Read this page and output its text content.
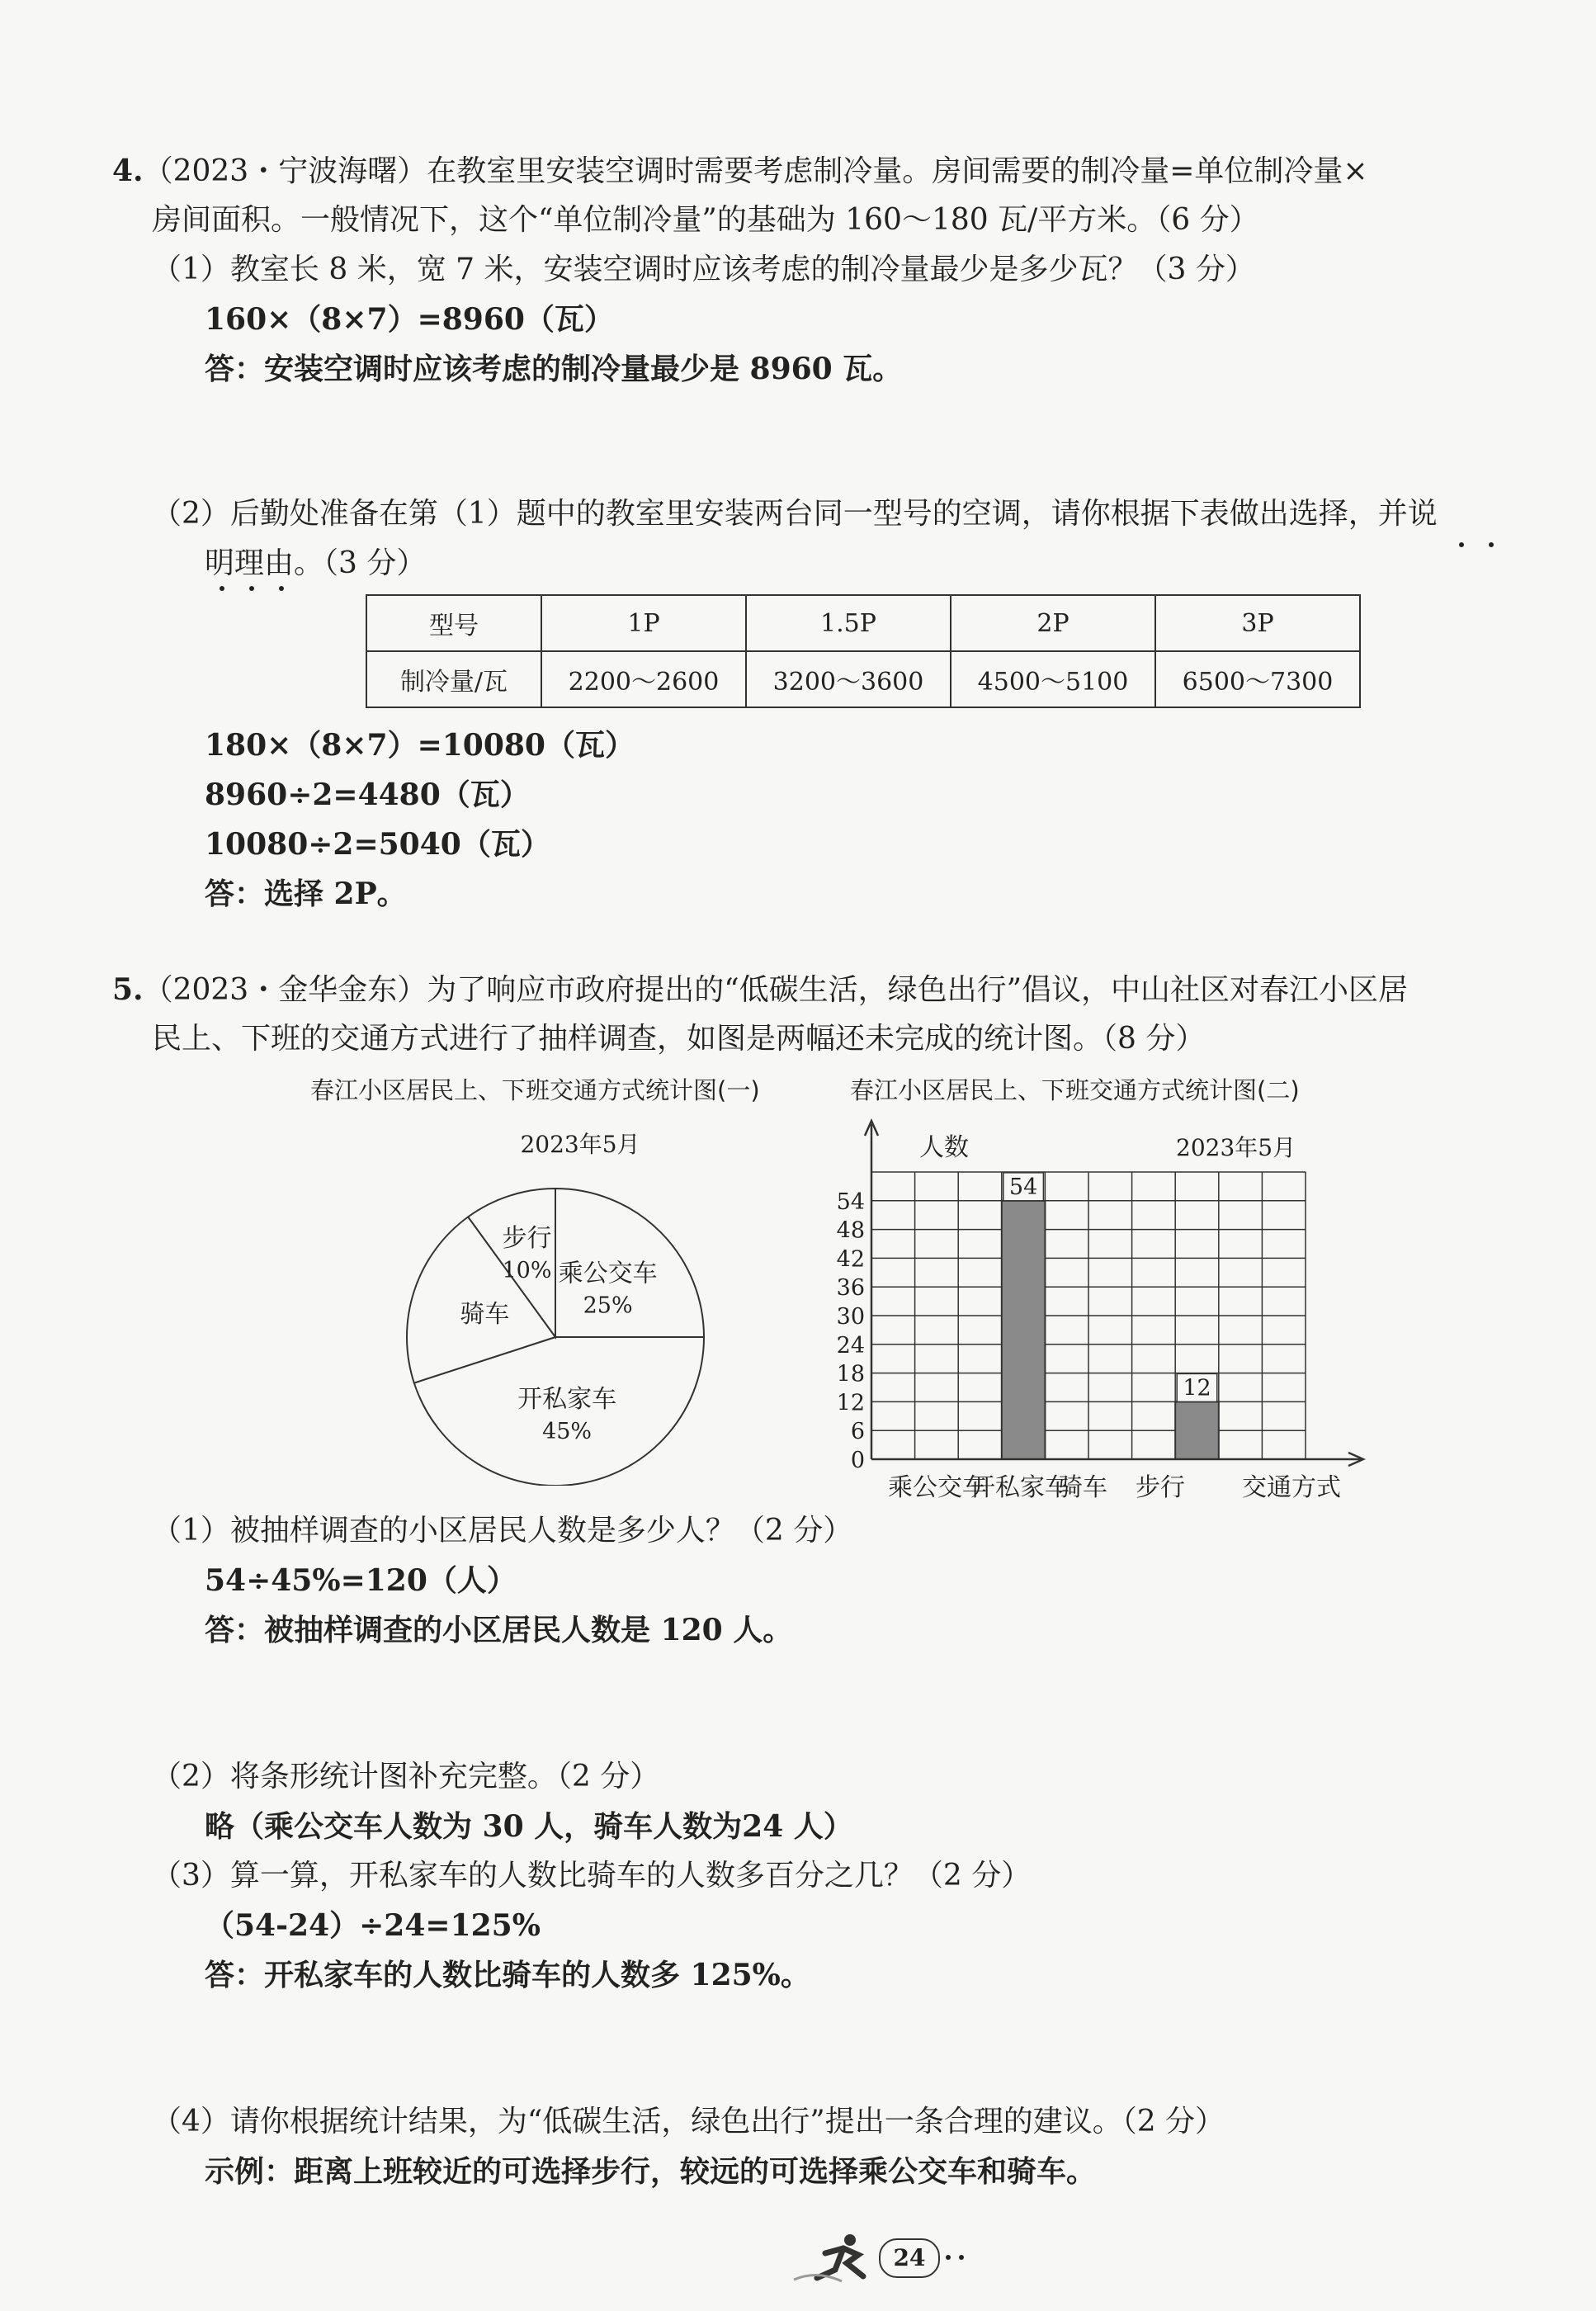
4.（2023・宁波海曙）在教室里安装空调时需要考虑制冷量。房间需要的制冷量=单位制冷量×
房间面积。一般情况下，这个“单位制冷量”的基础为 160～180 瓦/平方米。（6 分）
（1）教室长 8 米，宽 7 米，安装空调时应该考虑的制冷量最少是多少瓦？（3 分）
160×（8×7）=8960（瓦）
答：安装空调时应该考虑的制冷量最少是 8960 瓦。
（2）后勤处准备在第（1）题中的教室里安装两台同一型号的空调，请你根据下表做出选择，并说
明理由。（3 分）
型号	1P	1.5P	2P	3P
制冷量/瓦	2200～2600	3200～3600	4500～5100	6500～7300
180×（8×7）=10080（瓦）
8960÷2=4480（瓦）
10080÷2=5040（瓦）
答：选择 2P。
5.（2023・金华金东）为了响应市政府提出的“低碳生活，绿色出行”倡议，中山社区对春江小区居
民上、下班的交通方式进行了抽样调查，如图是两幅还未完成的统计图。（8 分）
春江小区居民上、下班交通方式统计图(一)	春江小区居民上、下班交通方式统计图(二)
2023年5月
乘公交车
25%
开私家车
45%
骑车
步行
10%
54
12
0
6
12
18
24
30
36
42
48
54
乘公交车
开私家车
骑车 步行
人数	2023年5月
交通方式
（1）被抽样调查的小区居民人数是多少人？（2 分）
54÷45%=120（人）
答：被抽样调查的小区居民人数是 120 人。
（2）将条形统计图补充完整。（2 分）
略（乘公交车人数为 30 人，骑车人数为24 人）
（3）算一算，开私家车的人数比骑车的人数多百分之几？（2 分）
（54-24）÷24=125%
答：开私家车的人数比骑车的人数多 125%。
（4）请你根据统计结果，为“低碳生活，绿色出行”提出一条合理的建议。（2 分）
示例：距离上班较近的可选择步行，较远的可选择乘公交车和骑车。
24
